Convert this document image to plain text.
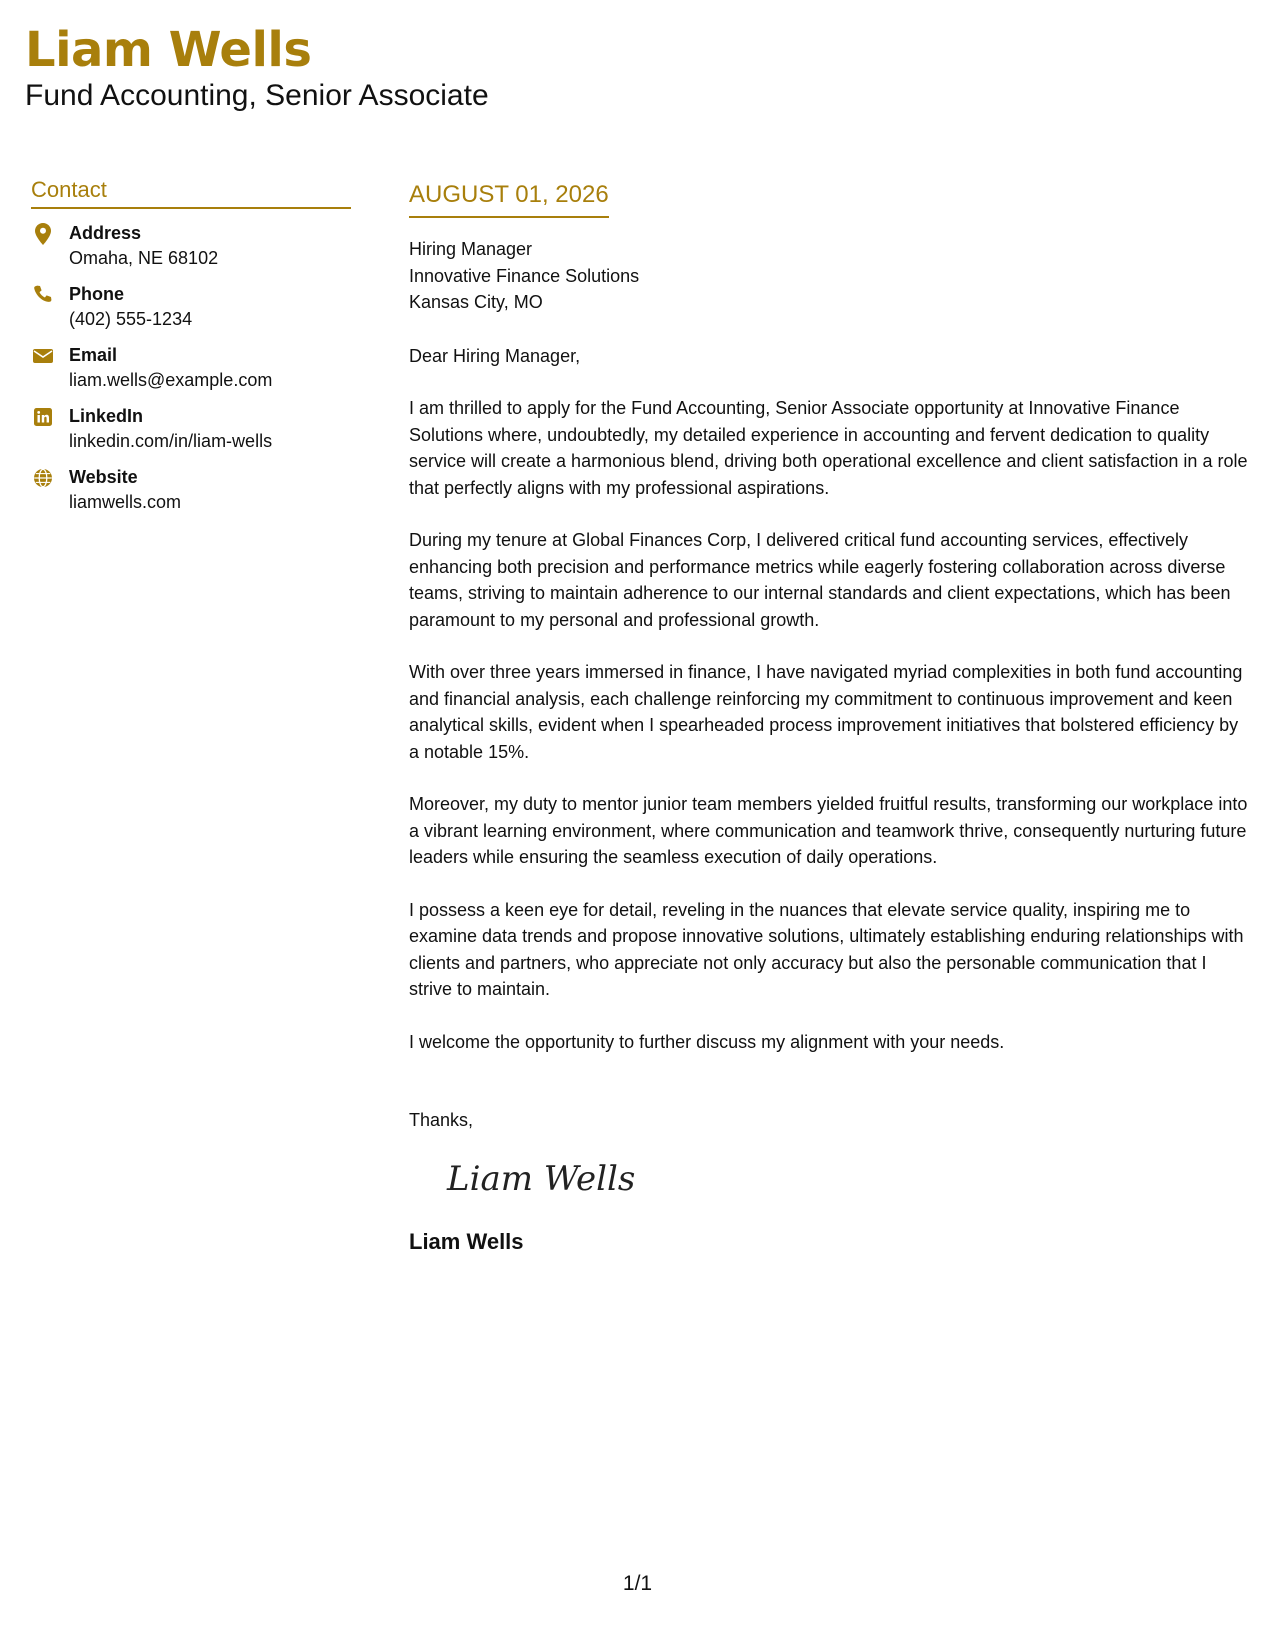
Liam Wells
Fund Accounting, Senior Associate
Contact
Address
Omaha, NE 68102
Phone
(402) 555-1234
Email
liam.wells@example.com
LinkedIn
linkedin.com/in/liam-wells
Website
liamwells.com
AUGUST 01, 2026
Hiring Manager
Innovative Finance Solutions
Kansas City, MO
Dear Hiring Manager,
I am thrilled to apply for the Fund Accounting, Senior Associate opportunity at Innovative Finance Solutions where, undoubtedly, my detailed experience in accounting and fervent dedication to quality service will create a harmonious blend, driving both operational excellence and client satisfaction in a role that perfectly aligns with my professional aspirations.
During my tenure at Global Finances Corp, I delivered critical fund accounting services, effectively enhancing both precision and performance metrics while eagerly fostering collaboration across diverse teams, striving to maintain adherence to our internal standards and client expectations, which has been paramount to my personal and professional growth.
With over three years immersed in finance, I have navigated myriad complexities in both fund accounting and financial analysis, each challenge reinforcing my commitment to continuous improvement and keen analytical skills, evident when I spearheaded process improvement initiatives that bolstered efficiency by a notable 15%.
Moreover, my duty to mentor junior team members yielded fruitful results, transforming our workplace into a vibrant learning environment, where communication and teamwork thrive, consequently nurturing future leaders while ensuring the seamless execution of daily operations.
I possess a keen eye for detail, reveling in the nuances that elevate service quality, inspiring me to examine data trends and propose innovative solutions, ultimately establishing enduring relationships with clients and partners, who appreciate not only accuracy but also the personable communication that I strive to maintain.
I welcome the opportunity to further discuss my alignment with your needs.
Thanks,
Liam Wells
Liam Wells
1/1
